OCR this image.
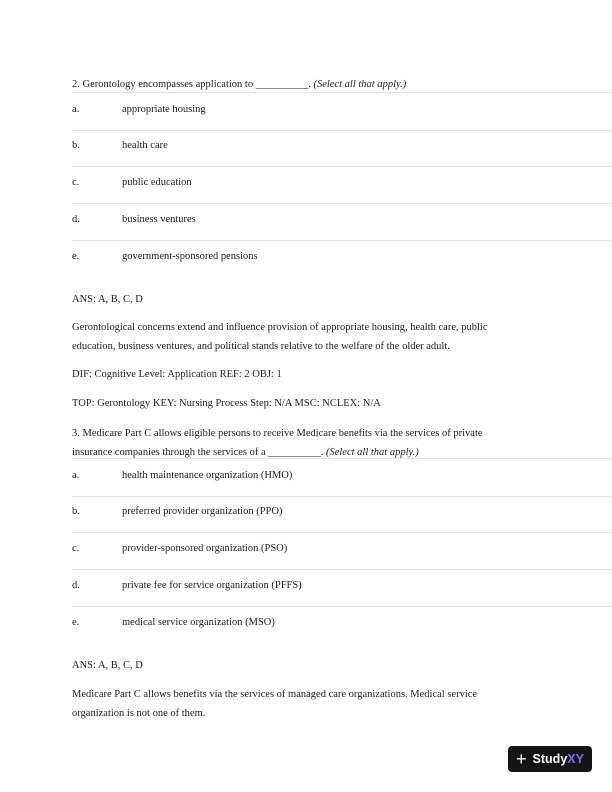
2. Gerontology encompasses application to __________. (Select all that apply.)
a.	appropriate housing
b.	health care
c.	public education
d.	business ventures
e.	government-sponsored pensions
ANS: A, B, C, D
Gerontological concerns extend and influence provision of appropriate housing, health care, public
education, business ventures, and political stands relative to the welfare of the older adult.
DIF: Cognitive Level: Application REF: 2 OBJ: 1
TOP: Gerontology KEY: Nursing Process Step: N/A MSC: NCLEX: N/A
3. Medicare Part C allows eligible persons to receive Medicare benefits via the services of private
insurance companies through the services of a __________. (Select all that apply.)
a.	health maintenance organization (HMO)
b.	preferred provider organization (PPO)
c.	provider-sponsored organization (PSO)
d.	private fee for service organization (PFFS)
e.	medical service organization (MSO)
ANS: A, B, C, D
Medicare Part C allows benefits via the services of managed care organizations. Medical service
organization is not one of them.
+ Study XY
